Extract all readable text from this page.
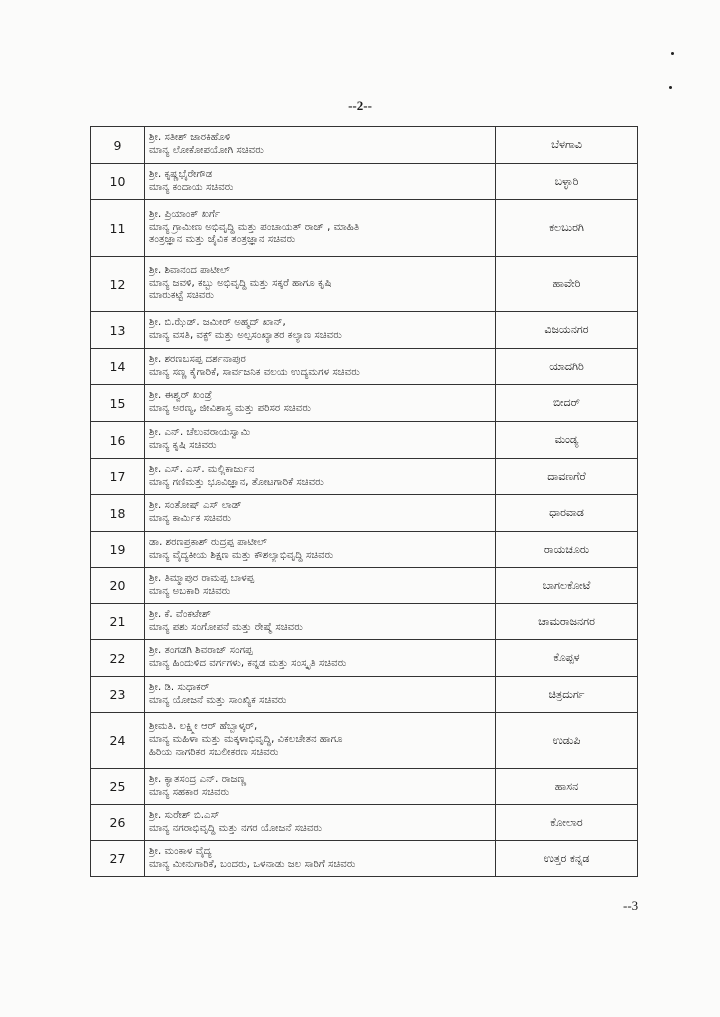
--2--
9	ಶ್ರೀ. ಸತೀಶ್ ಜಾರಕಿಹೊಳಿ
ಮಾನ್ಯ ಲೋಕೋಪಯೋಗಿ ಸಚಿವರು	ಬೆಳಗಾವಿ
10	ಶ್ರೀ. ಕೃಷ್ಣಭೈರೇಗೌಡ
ಮಾನ್ಯ ಕಂದಾಯ ಸಚಿವರು	ಬಳ್ಳಾರಿ
11	ಶ್ರೀ. ಪ್ರಿಯಾಂಕ್ ಖರ್ಗೆ
ಮಾನ್ಯ ಗ್ರಾಮೀಣ ಅಭಿವೃದ್ಧಿ ಮತ್ತು ಪಂಚಾಯತ್ ರಾಜ್ , ಮಾಹಿತಿ
ತಂತ್ರಜ್ಞಾನ ಮತ್ತು ಜೈವಿಕ ತಂತ್ರಜ್ಞಾನ ಸಚಿವರು	ಕಲಬುರಗಿ
12	ಶ್ರೀ. ಶಿವಾನಂದ ಪಾಟೀಲ್
ಮಾನ್ಯ ಜವಳಿ, ಕಬ್ಬು ಅಭಿವೃದ್ಧಿ ಮತ್ತು ಸಕ್ಕರೆ ಹಾಗೂ ಕೃಷಿ
ಮಾರುಕಟ್ಟೆ ಸಚಿವರು	ಹಾವೇರಿ
13	ಶ್ರೀ. ಬಿ.ಝೆಡ್. ಜಮೀರ್ ಅಹ್ಮದ್ ಖಾನ್,
ಮಾನ್ಯ ವಸತಿ, ವಕ್ಫ್ ಮತ್ತು ಅಲ್ಪಸಂಖ್ಯಾತರ ಕಲ್ಯಾಣ ಸಚಿವರು	ವಿಜಯನಗರ
14	ಶ್ರೀ. ಶರಣಬಸಪ್ಪ ದರ್ಶನಾಪುರ
ಮಾನ್ಯ ಸಣ್ಣ ಕೈಗಾರಿಕೆ, ಸಾರ್ವಜನಿಕ ವಲಯ ಉದ್ಯಮಗಳ ಸಚಿವರು	ಯಾದಗಿರಿ
15	ಶ್ರೀ. ಈಶ್ವರ್ ಖಂಡ್ರೆ
ಮಾನ್ಯ ಅರಣ್ಯ, ಜೀವಿಶಾಸ್ತ್ರ ಮತ್ತು ಪರಿಸರ ಸಚಿವರು	ಬೀದರ್
16	ಶ್ರೀ. ಎನ್. ಚೆಲುವರಾಯಸ್ವಾಮಿ
ಮಾನ್ಯ ಕೃಷಿ ಸಚಿವರು	ಮಂಡ್ಯ
17	ಶ್ರೀ. ಎಸ್. ಎಸ್. ಮಲ್ಲಿಕಾರ್ಜುನ
ಮಾನ್ಯ ಗಣಿಮತ್ತು ಭೂವಿಜ್ಞಾನ, ತೋಟಗಾರಿಕೆ ಸಚಿವರು	ದಾವಣಗೆರೆ
18	ಶ್ರೀ. ಸಂತೋಷ್ ಎಸ್ ಲಾಡ್
ಮಾನ್ಯ ಕಾರ್ಮಿಕ ಸಚಿವರು	ಧಾರವಾಡ
19	ಡಾ. ಶರಣಪ್ರಕಾಶ್ ರುದ್ರಪ್ಪ ಪಾಟೀಲ್
ಮಾನ್ಯ ವೈದ್ಯಕೀಯ ಶಿಕ್ಷಣ ಮತ್ತು ಕೌಶಲ್ಯಾಭಿವೃದ್ಧಿ ಸಚಿವರು	ರಾಯಚೂರು
20	ಶ್ರೀ. ತಿಮ್ಮಾಪುರ ರಾಮಪ್ಪ ಬಾಳಪ್ಪ
ಮಾನ್ಯ ಅಬಕಾರಿ ಸಚಿವರು	ಬಾಗಲಕೋಟೆ
21	ಶ್ರೀ. ಕೆ. ವೆಂಕಟೇಶ್
ಮಾನ್ಯ ಪಶು ಸಂಗೋಪನೆ ಮತ್ತು ರೇಷ್ಮೆ ಸಚಿವರು	ಚಾಮರಾಜನಗರ
22	ಶ್ರೀ. ತಂಗಡಗಿ ಶಿವರಾಜ್ ಸಂಗಪ್ಪ
ಮಾನ್ಯ ಹಿಂದುಳಿದ ವರ್ಗಗಳು, ಕನ್ನಡ ಮತ್ತು ಸಂಸ್ಕೃತಿ ಸಚಿವರು	ಕೊಪ್ಪಳ
23	ಶ್ರೀ. ಡಿ. ಸುಧಾಕರ್
ಮಾನ್ಯ ಯೋಜನೆ ಮತ್ತು ಸಾಂಖ್ಯಿಕ ಸಚಿವರು	ಚಿತ್ರದುರ್ಗ
24	ಶ್ರೀಮತಿ. ಲಕ್ಷ್ಮೀ ಆರ್ ಹೆಬ್ಬಾಳ್ಕರ್,
ಮಾನ್ಯ ಮಹಿಳಾ ಮತ್ತು ಮಕ್ಕಳಾಭಿವೃದ್ಧಿ, ವಿಕಲಚೇತನ ಹಾಗೂ
ಹಿರಿಯ ನಾಗರಿಕರ ಸಬಲೀಕರಣ ಸಚಿವರು	ಉಡುಪಿ
25	ಶ್ರೀ. ಕ್ಯಾತಸಂದ್ರ ಎನ್. ರಾಜಣ್ಣ
ಮಾನ್ಯ ಸಹಕಾರ ಸಚಿವರು	ಹಾಸನ
26	ಶ್ರೀ. ಸುರೇಶ್ ಬಿ.ಎಸ್
ಮಾನ್ಯ ನಗರಾಭಿವೃದ್ಧಿ ಮತ್ತು ನಗರ ಯೋಜನೆ ಸಚಿವರು	ಕೋಲಾರ
27	ಶ್ರೀ. ಮಂಕಾಳ ವೈದ್ಯ
ಮಾನ್ಯ ಮೀನುಗಾರಿಕೆ, ಬಂದರು, ಒಳನಾಡು ಜಲ ಸಾರಿಗೆ ಸಚಿವರು	ಉತ್ತರ ಕನ್ನಡ
--3
